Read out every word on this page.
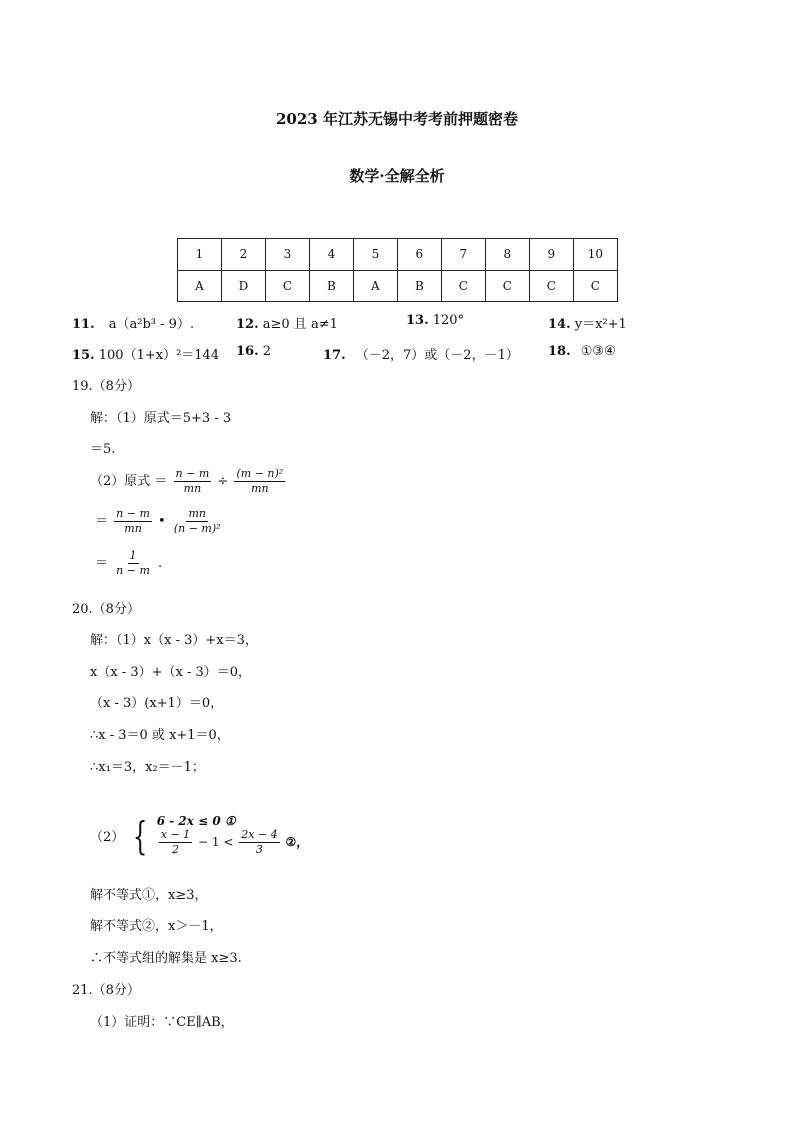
2023 年江苏无锡中考考前押题密卷
数学·全解全析
1	2	3	4	5	6	7	8	9	10
A	D	C	B	A	B	C	C	C	C
11. a（a²b³ - 9）.	12. a≥0 且 a≠1	13. 120°	14. y＝x²+1
15. 100（1+x）²＝144 16. 2	17. （－2，7）或（－2，－1） 18. ①③④
19.（8分）
解：（1）原式＝5+3 - 3
＝5.
（2）原式 ＝ $\frac{n - m}{mn} \div \frac{\text{(m − n)²}}{mn}$
＝ $\frac{n - m}{mn}$ • $\frac{mn}{\text{(n − m)²}}$
＝ $\frac{1}{n - m}$ .
20.（8分）
解：（1）x（x - 3）+x＝3，
x（x - 3）+（x - 3）＝0，
（x - 3）(x+1）＝0，
∴x - 3＝0 或 x+1＝0，
∴x₁＝3，x₂＝－1；
（2） { 6 - 2x ≤ 0 ①
$\frac{x - 1}{2} - 1 < \frac{2x - 4}{3}$ ②，
解不等式①，x≥3，
解不等式②，x＞－1，
∴不等式组的解集是 x≥3.
21.（8分）
（1）证明：∵CE∥AB，
